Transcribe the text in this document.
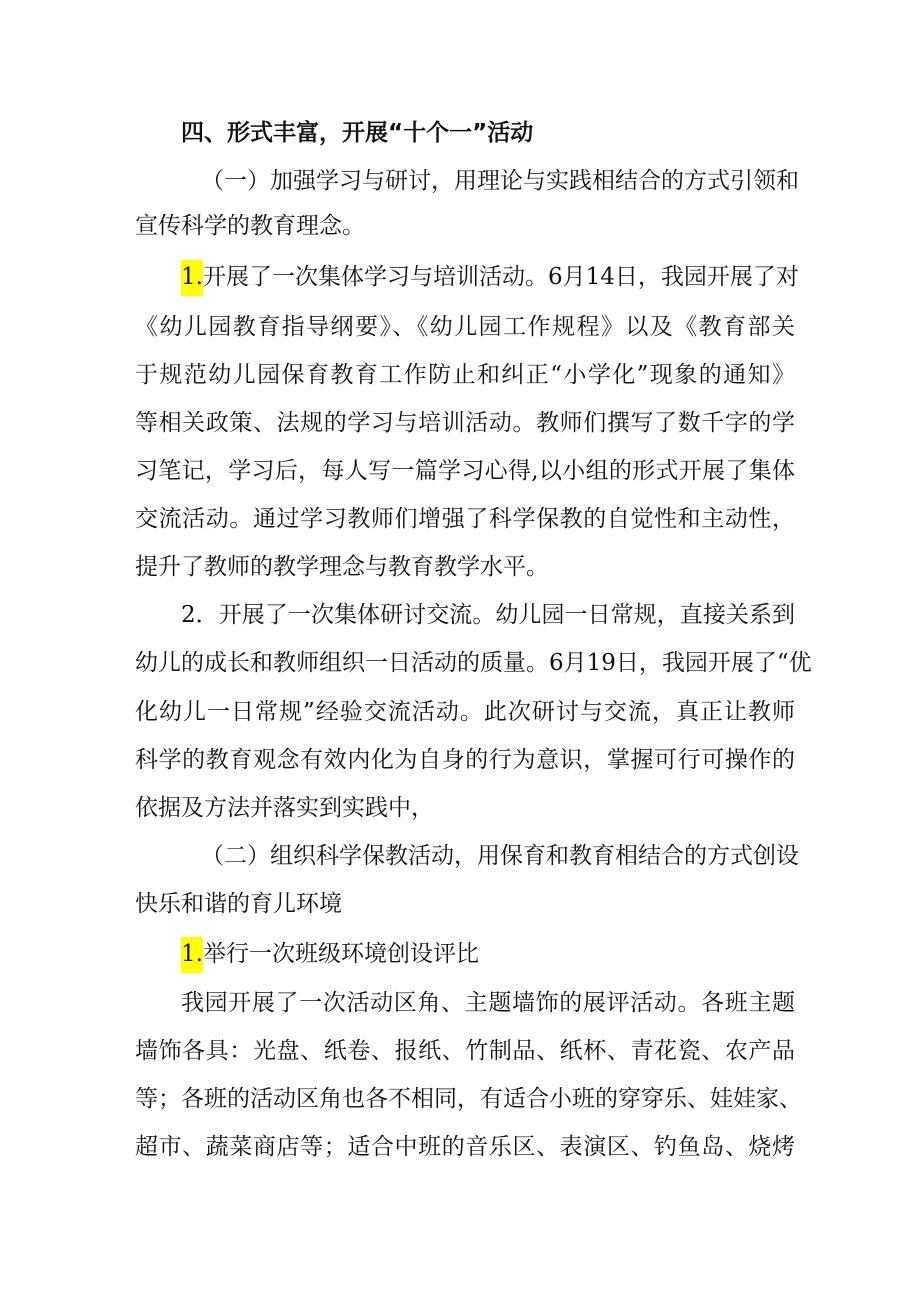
四、形式丰富，开展“十个一”活动
（一）加强学习与研讨，用理论与实践相结合的方式引领和
宣传科学的教育理念。
1.开展了一次集体学习与培训活动。6月14日，我园开展了对
《幼儿园教育指导纲要》、《幼儿园工作规程》以及《教育部关
于规范幼儿园保育教育工作防止和纠正“小学化”现象的通知》
等相关政策、法规的学习与培训活动。教师们撰写了数千字的学
习笔记，学习后，每人写一篇学习心得,以小组的形式开展了集体
交流活动。通过学习教师们增强了科学保教的自觉性和主动性，
提升了教师的教学理念与教育教学水平。
2．开展了一次集体研讨交流。幼儿园一日常规，直接关系到
幼儿的成长和教师组织一日活动的质量。6月19日，我园开展了“优
化幼儿一日常规”经验交流活动。此次研讨与交流，真正让教师
科学的教育观念有效内化为自身的行为意识，掌握可行可操作的
依据及方法并落实到实践中，
（二）组织科学保教活动，用保育和教育相结合的方式创设
快乐和谐的育儿环境
1.举行一次班级环境创设评比
我园开展了一次活动区角、主题墙饰的展评活动。各班主题
墙饰各具：光盘、纸卷、报纸、竹制品、纸杯、青花瓷、农产品
等；各班的活动区角也各不相同，有适合小班的穿穿乐、娃娃家、
超市、蔬菜商店等；适合中班的音乐区、表演区、钓鱼岛、烧烤
